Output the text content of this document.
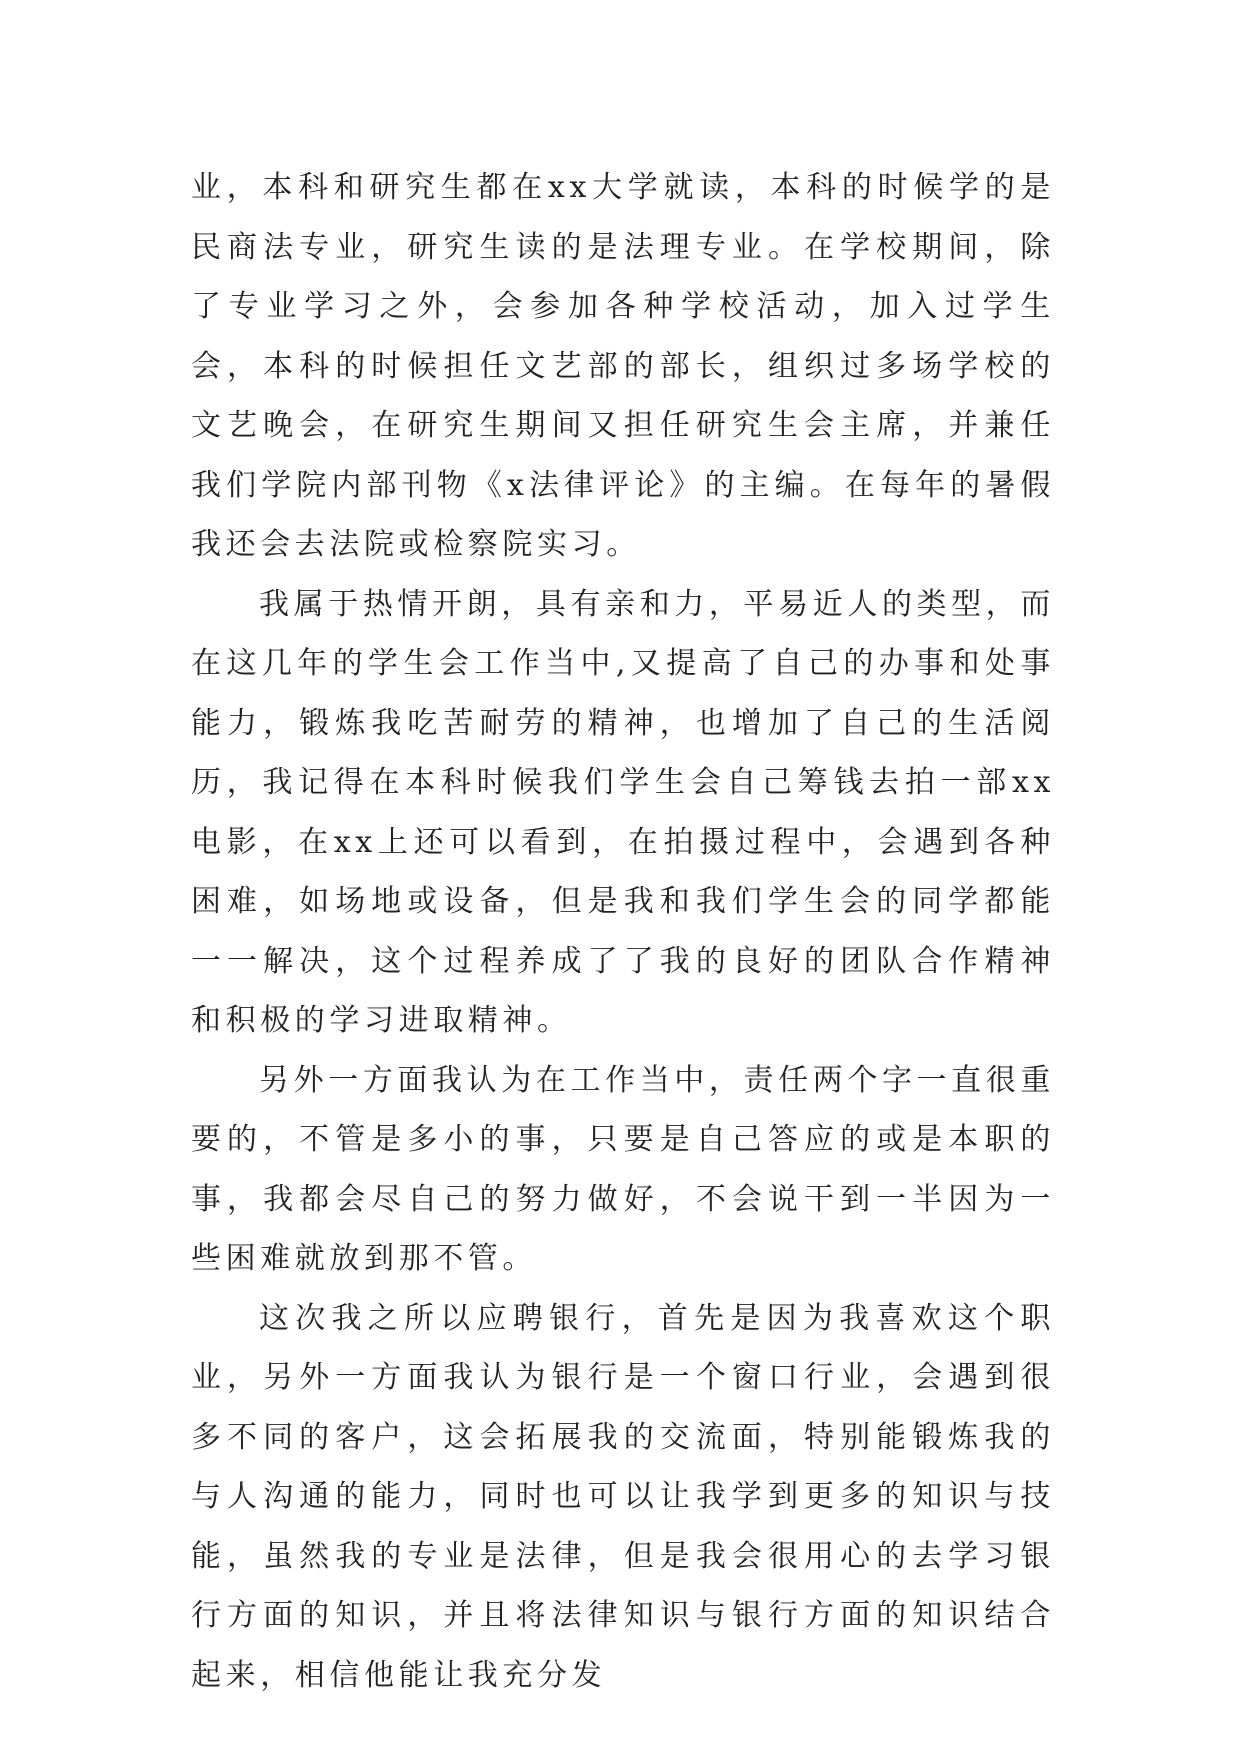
业，本科和研究生都在xx大学就读，本科的时候学的是民商法专业，研究生读的是法理专业。在学校期间，除了专业学习之外，会参加各种学校活动，加入过学生会，本科的时候担任文艺部的部长，组织过多场学校的文艺晚会，在研究生期间又担任研究生会主席，并兼任我们学院内部刊物《x法律评论》的主编。在每年的暑假我还会去法院或检察院实习。

我属于热情开朗，具有亲和力，平易近人的类型，而在这几年的学生会工作当中,又提高了自己的办事和处事能力，锻炼我吃苦耐劳的精神，也增加了自己的生活阅历，我记得在本科时候我们学生会自己筹钱去拍一部xx电影，在xx上还可以看到，在拍摄过程中，会遇到各种困难，如场地或设备，但是我和我们学生会的同学都能一一解决，这个过程养成了了我的良好的团队合作精神和积极的学习进取精神。

另外一方面我认为在工作当中，责任两个字一直很重要的，不管是多小的事，只要是自己答应的或是本职的事，我都会尽自己的努力做好，不会说干到一半因为一些困难就放到那不管。

这次我之所以应聘银行，首先是因为我喜欢这个职业，另外一方面我认为银行是一个窗口行业，会遇到很多不同的客户，这会拓展我的交流面，特别能锻炼我的与人沟通的能力，同时也可以让我学到更多的知识与技能，虽然我的专业是法律，但是我会很用心的去学习银行方面的知识，并且将法律知识与银行方面的知识结合起来，相信他能让我充分发
